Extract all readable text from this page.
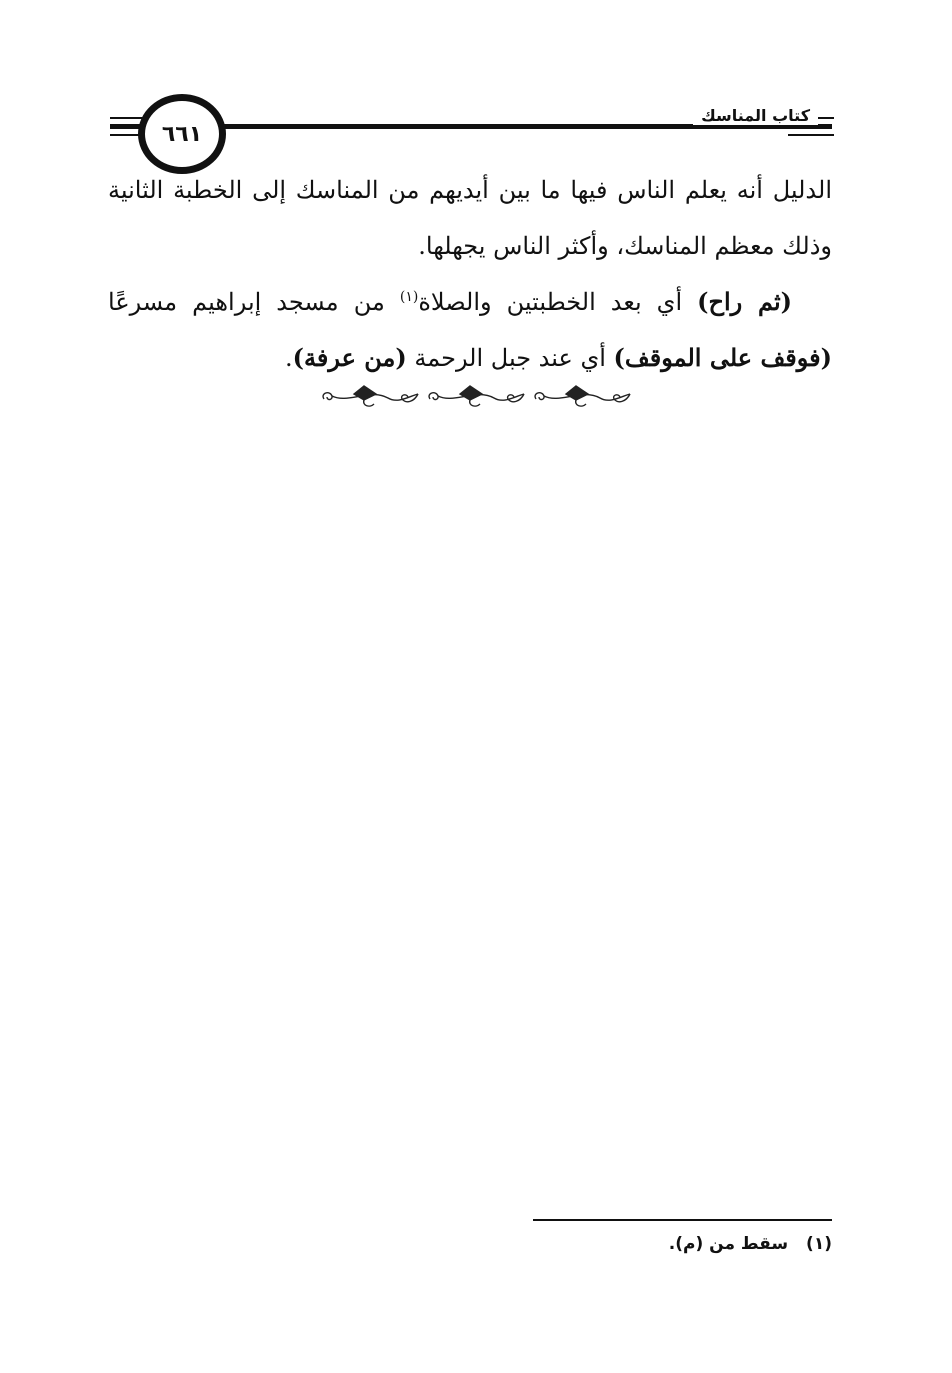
كتاب المناسك
٦٦١

الدليل أنه يعلم الناس فيها ما بين أيديهم من المناسك إلى الخطبة الثانية وذلك معظم المناسك، وأكثر الناس يجهلها.

(ثم راح) أي بعد الخطبتين والصلاة$^{(١)}$ من مسجد إبراهيم مسرعًا (فوقف على الموقف) أي عند جبل الرحمة (من عرفة).

(١)سقط من (م).
